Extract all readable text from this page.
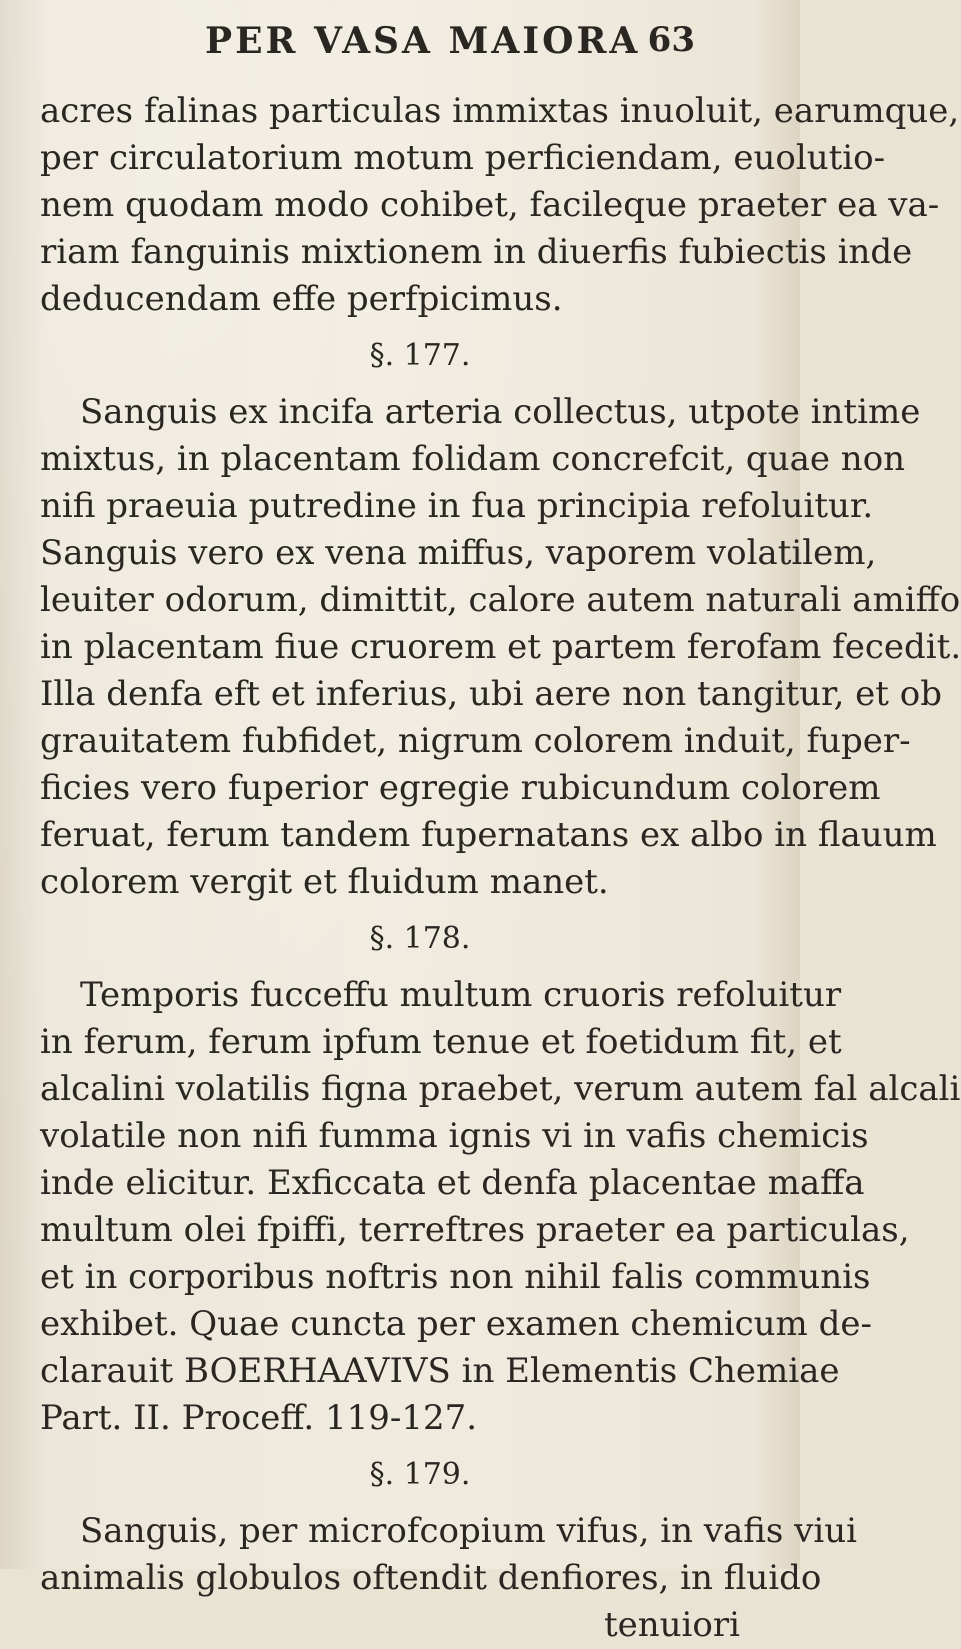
PER VASA MAIORA 63
acres falinas particulas immixtas inuoluit, earumque,
per circulatorium motum perficiendam, euolutio-
nem quodam modo cohibet, facileque praeter ea va-
riam fanguinis mixtionem in diuerfis fubiectis inde
deducendam effe perfpicimus.
§. 177.
Sanguis ex incifa arteria collectus, utpote intime
mixtus, in placentam folidam concrefcit, quae non
nifi praeuia putredine in fua principia refoluitur.
Sanguis vero ex vena miffus, vaporem volatilem,
leuiter odorum, dimittit, calore autem naturali amiffo
in placentam fiue cruorem et partem ferofam fecedit.
Illa denfa eft et inferius, ubi aere non tangitur, et ob
grauitatem fubfidet, nigrum colorem induit, fuper-
ficies vero fuperior egregie rubicundum colorem
feruat, ferum tandem fupernatans ex albo in flauum
colorem vergit et fluidum manet.
§. 178.
Temporis fucceffu multum cruoris refoluitur
in ferum, ferum ipfum tenue et foetidum fit, et
alcalini volatilis figna praebet, verum autem fal alcali
volatile non nifi fumma ignis vi in vafis chemicis
inde elicitur. Exficcata et denfa placentae maffa
multum olei fpiffi, terreftres praeter ea particulas,
et in corporibus noftris non nihil falis communis
exhibet. Quae cuncta per examen chemicum de-
clarauit BOERHAAVIVS in Elementis Chemiae
Part. II. Proceff. 119-127.
§. 179.
Sanguis, per microfcopium vifus, in vafis viui
animalis globulos oftendit denfiores, in fluido
tenuiori
